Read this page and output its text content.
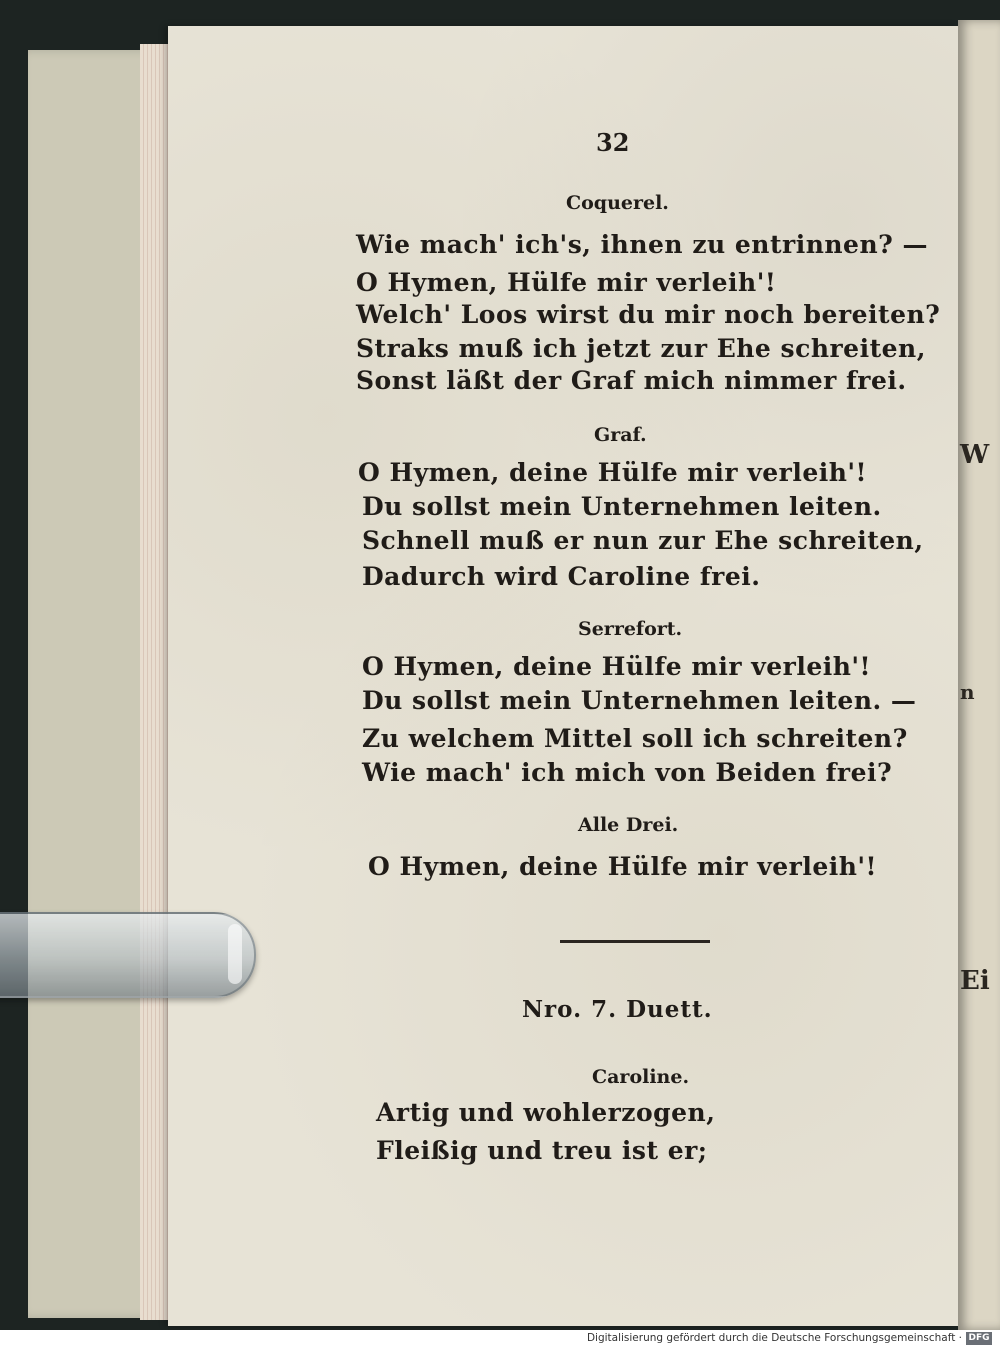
W
n
Ei
32
Coquerel.
Wie mach' ich's, ihnen zu entrinnen? —
O Hymen, Hülfe mir verleih'!
Welch' Loos wirst du mir noch bereiten?
Straks muß ich jetzt zur Ehe schreiten,
Sonst läßt der Graf mich nimmer frei.
Graf.
O Hymen, deine Hülfe mir verleih'!
Du sollst mein Unternehmen leiten.
Schnell muß er nun zur Ehe schreiten,
Dadurch wird Caroline frei.
Serrefort.
O Hymen, deine Hülfe mir verleih'!
Du sollst mein Unternehmen leiten. —
Zu welchem Mittel soll ich schreiten?
Wie mach' ich mich von Beiden frei?
Alle Drei.
O Hymen, deine Hülfe mir verleih'!
Nro. 7. Duett.
Caroline.
Artig und wohlerzogen,
Fleißig und treu ist er;
Digitalisierung gefördert durch die Deutsche Forschungsgemeinschaft · DFG
